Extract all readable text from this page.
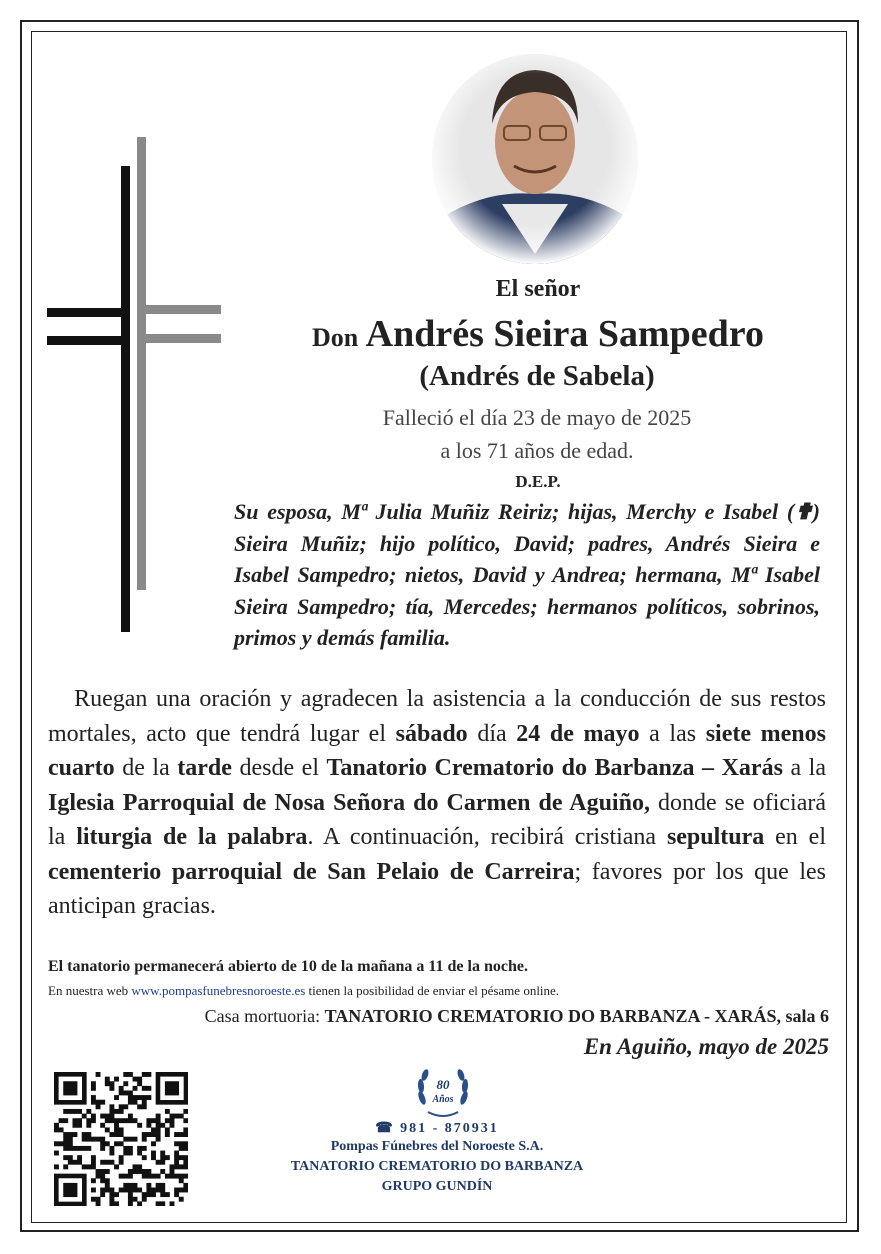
El señor
Don Andrés Sieira Sampedro
(Andrés de Sabela)
Falleció el día 23 de mayo de 2025
a los 71 años de edad.
D.E.P.
Su esposa, Mª Julia Muñiz Reiriz; hijas, Merchy e Isabel (✟) Sieira Muñiz; hijo político, David; padres, Andrés Sieira e Isabel Sampedro; nietos, David y Andrea; hermana, Mª Isabel Sieira Sampedro; tía, Mercedes; hermanos políticos, sobrinos, primos y demás familia.
Ruegan una oración y agradecen la asistencia a la conducción de sus restos mortales, acto que tendrá lugar el sábado día 24 de mayo a las siete menos cuarto de la tarde desde el Tanatorio Crematorio do Barbanza – Xarás a la Iglesia Parroquial de Nosa Señora do Carmen de Aguiño, donde se oficiará la liturgia de la palabra. A continuación, recibirá cristiana sepultura en el cementerio parroquial de San Pelaio de Carreira; favores por los que les anticipan gracias.
El tanatorio permanecerá abierto de 10 de la mañana a 11 de la noche.
En nuestra web www.pompasfunebresnoroeste.es tienen la posibilidad de enviar el pésame online.
Casa mortuoria: TANATORIO CREMATORIO DO BARBANZA - XARÁS, sala 6
En Aguiño, mayo de 2025
80
Años
☎ 981 - 870931
Pompas Fúnebres del Noroeste S.A.
TANATORIO CREMATORIO DO BARBANZA
GRUPO GUNDÍN
